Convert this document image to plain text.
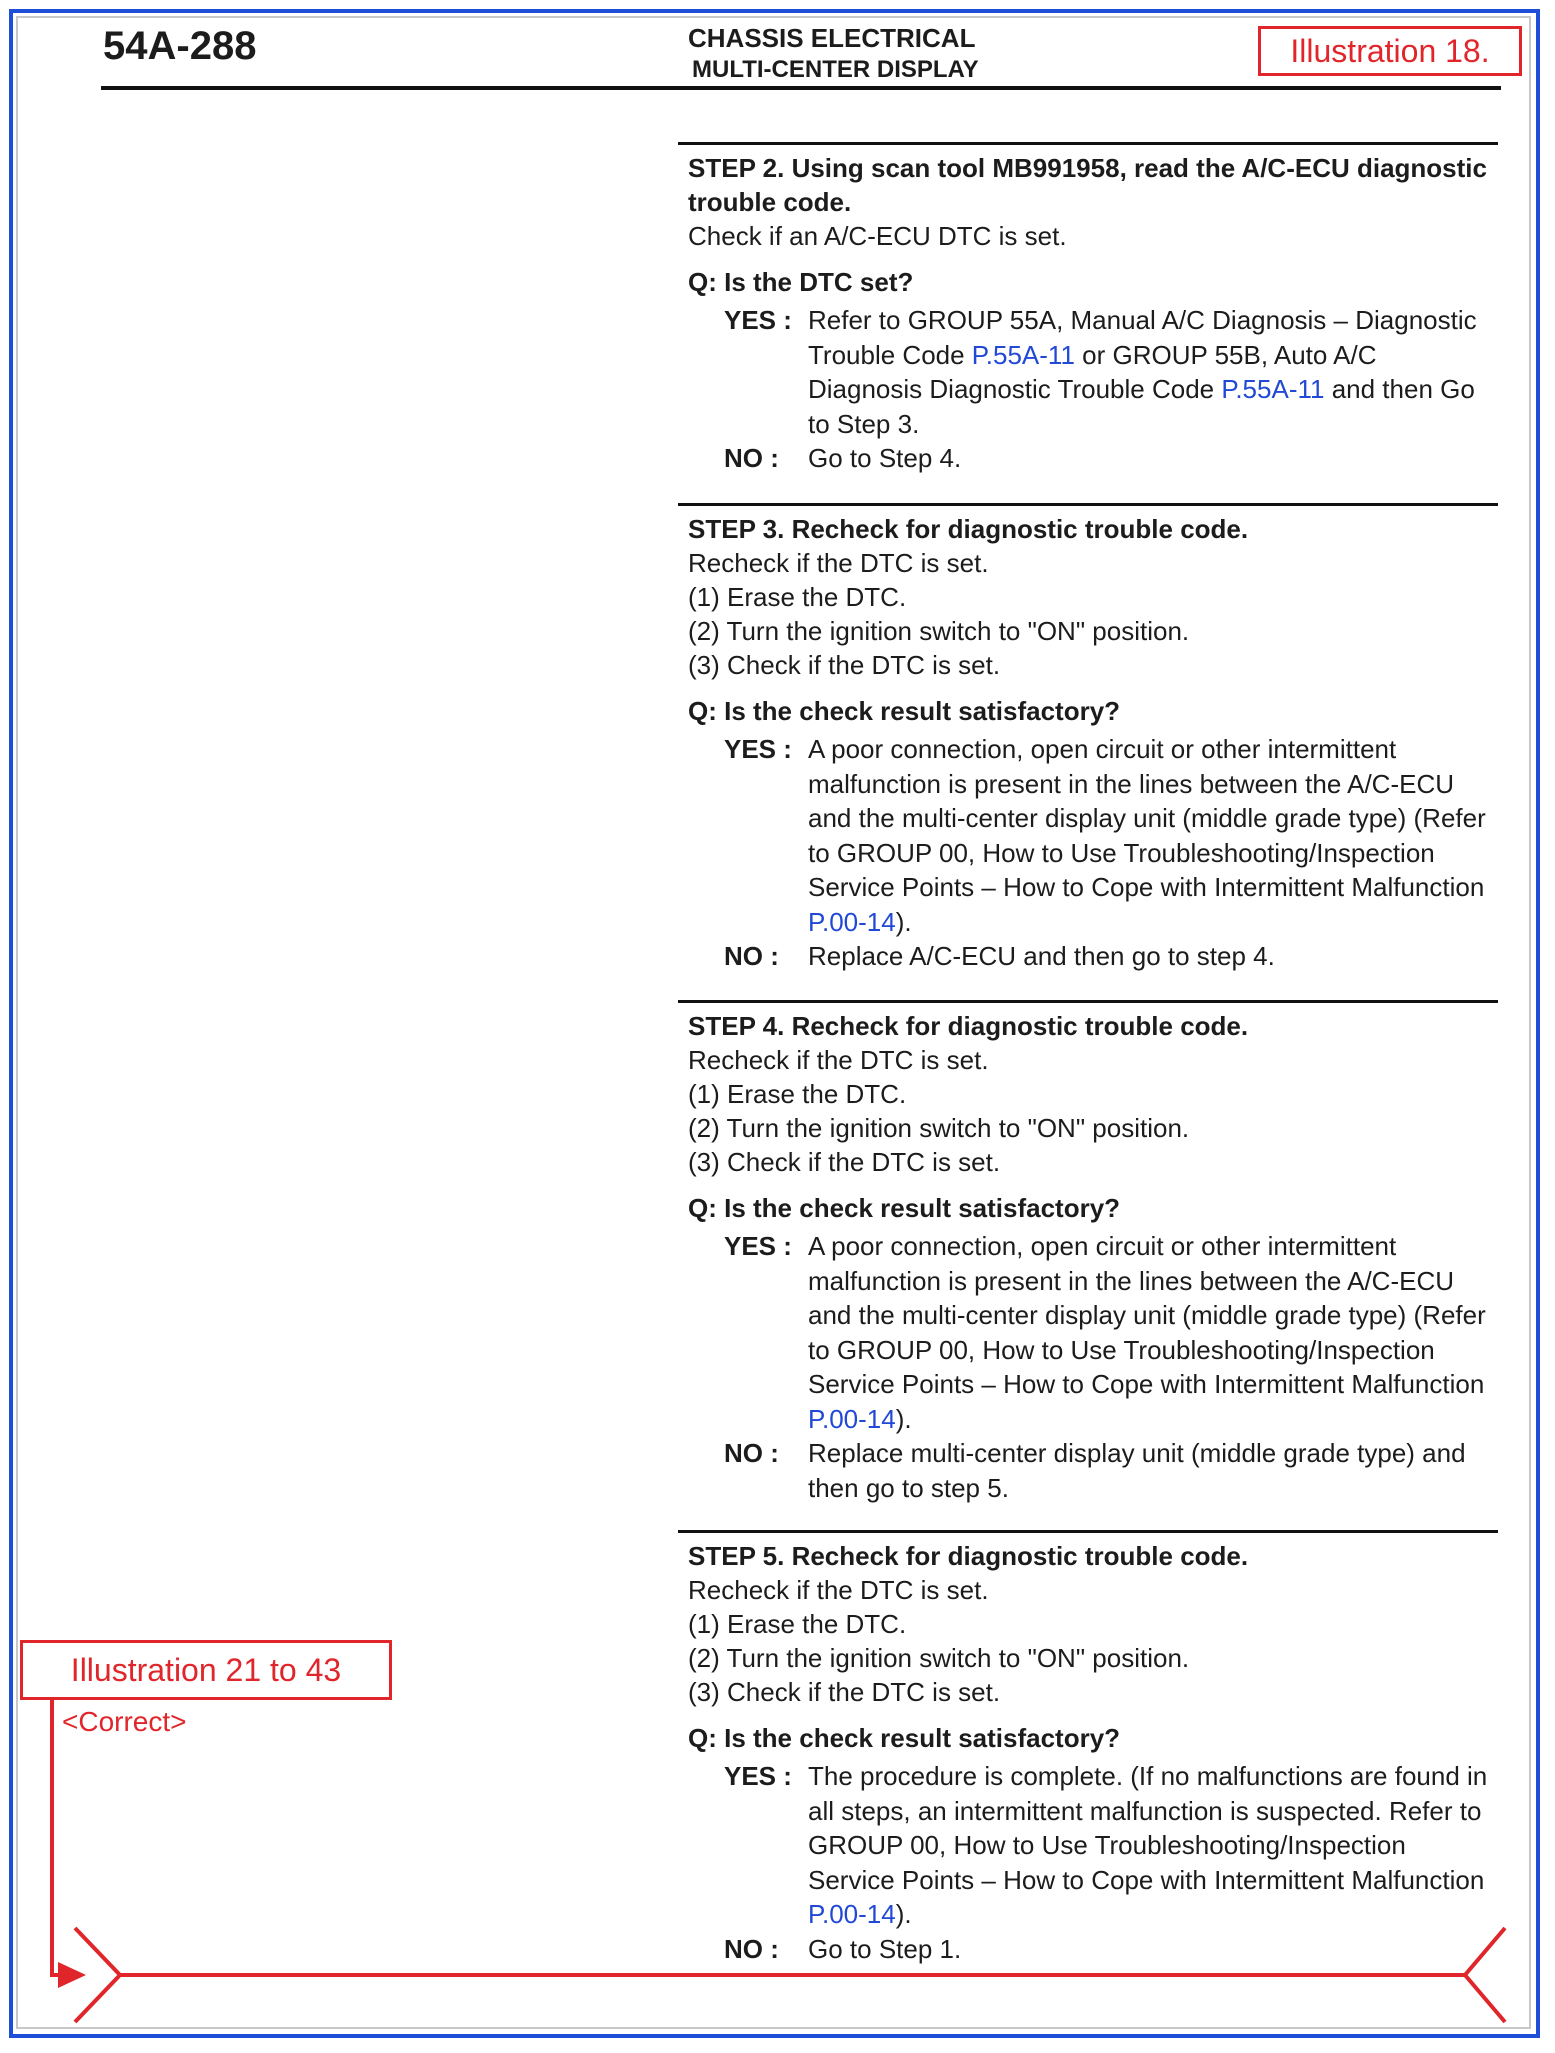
54A-288	CHASSIS ELECTRICAL
MULTI-CENTER DISPLAY
Illustration 18.
STEP 2. Using scan tool MB991958, read the A/C-ECU diagnostic trouble code.
Check if an A/C-ECU DTC is set.
Q: Is the DTC set?
YES : Refer to GROUP 55A, Manual A/C Diagnosis – Diagnostic Trouble Code P.55A-11 or GROUP 55B, Auto A/C Diagnosis Diagnostic Trouble Code P.55A-11 and then Go to Step 3.
NO :	Go to Step 4.
STEP 3. Recheck for diagnostic trouble code.
Recheck if the DTC is set.
(1) Erase the DTC.
(2) Turn the ignition switch to "ON" position.
(3) Check if the DTC is set.
Q: Is the check result satisfactory?
YES : A poor connection, open circuit or other intermittent malfunction is present in the lines between the A/C-ECU and the multi-center display unit (middle grade type) (Refer to GROUP 00, How to Use Troubleshooting/Inspection Service Points – How to Cope with Intermittent Malfunction P.00-14).
NO :	Replace A/C-ECU and then go to step 4.
STEP 4. Recheck for diagnostic trouble code.
Recheck if the DTC is set.
(1) Erase the DTC.
(2) Turn the ignition switch to "ON" position.
(3) Check if the DTC is set.
Q: Is the check result satisfactory?
YES : A poor connection, open circuit or other intermittent malfunction is present in the lines between the A/C-ECU and the multi-center display unit (middle grade type) (Refer to GROUP 00, How to Use Troubleshooting/Inspection Service Points – How to Cope with Intermittent Malfunction P.00-14).
NO :	Replace multi-center display unit (middle grade type) and then go to step 5.
STEP 5. Recheck for diagnostic trouble code.
Recheck if the DTC is set.
(1) Erase the DTC.
(2) Turn the ignition switch to "ON" position.
(3) Check if the DTC is set.
Q: Is the check result satisfactory?
YES : The procedure is complete. (If no malfunctions are found in all steps, an intermittent malfunction is suspected. Refer to GROUP 00, How to Use Troubleshooting/Inspection Service Points – How to Cope with Intermittent Malfunction P.00-14).
NO :	Go to Step 1.
Illustration 21 to 43
<Correct>
